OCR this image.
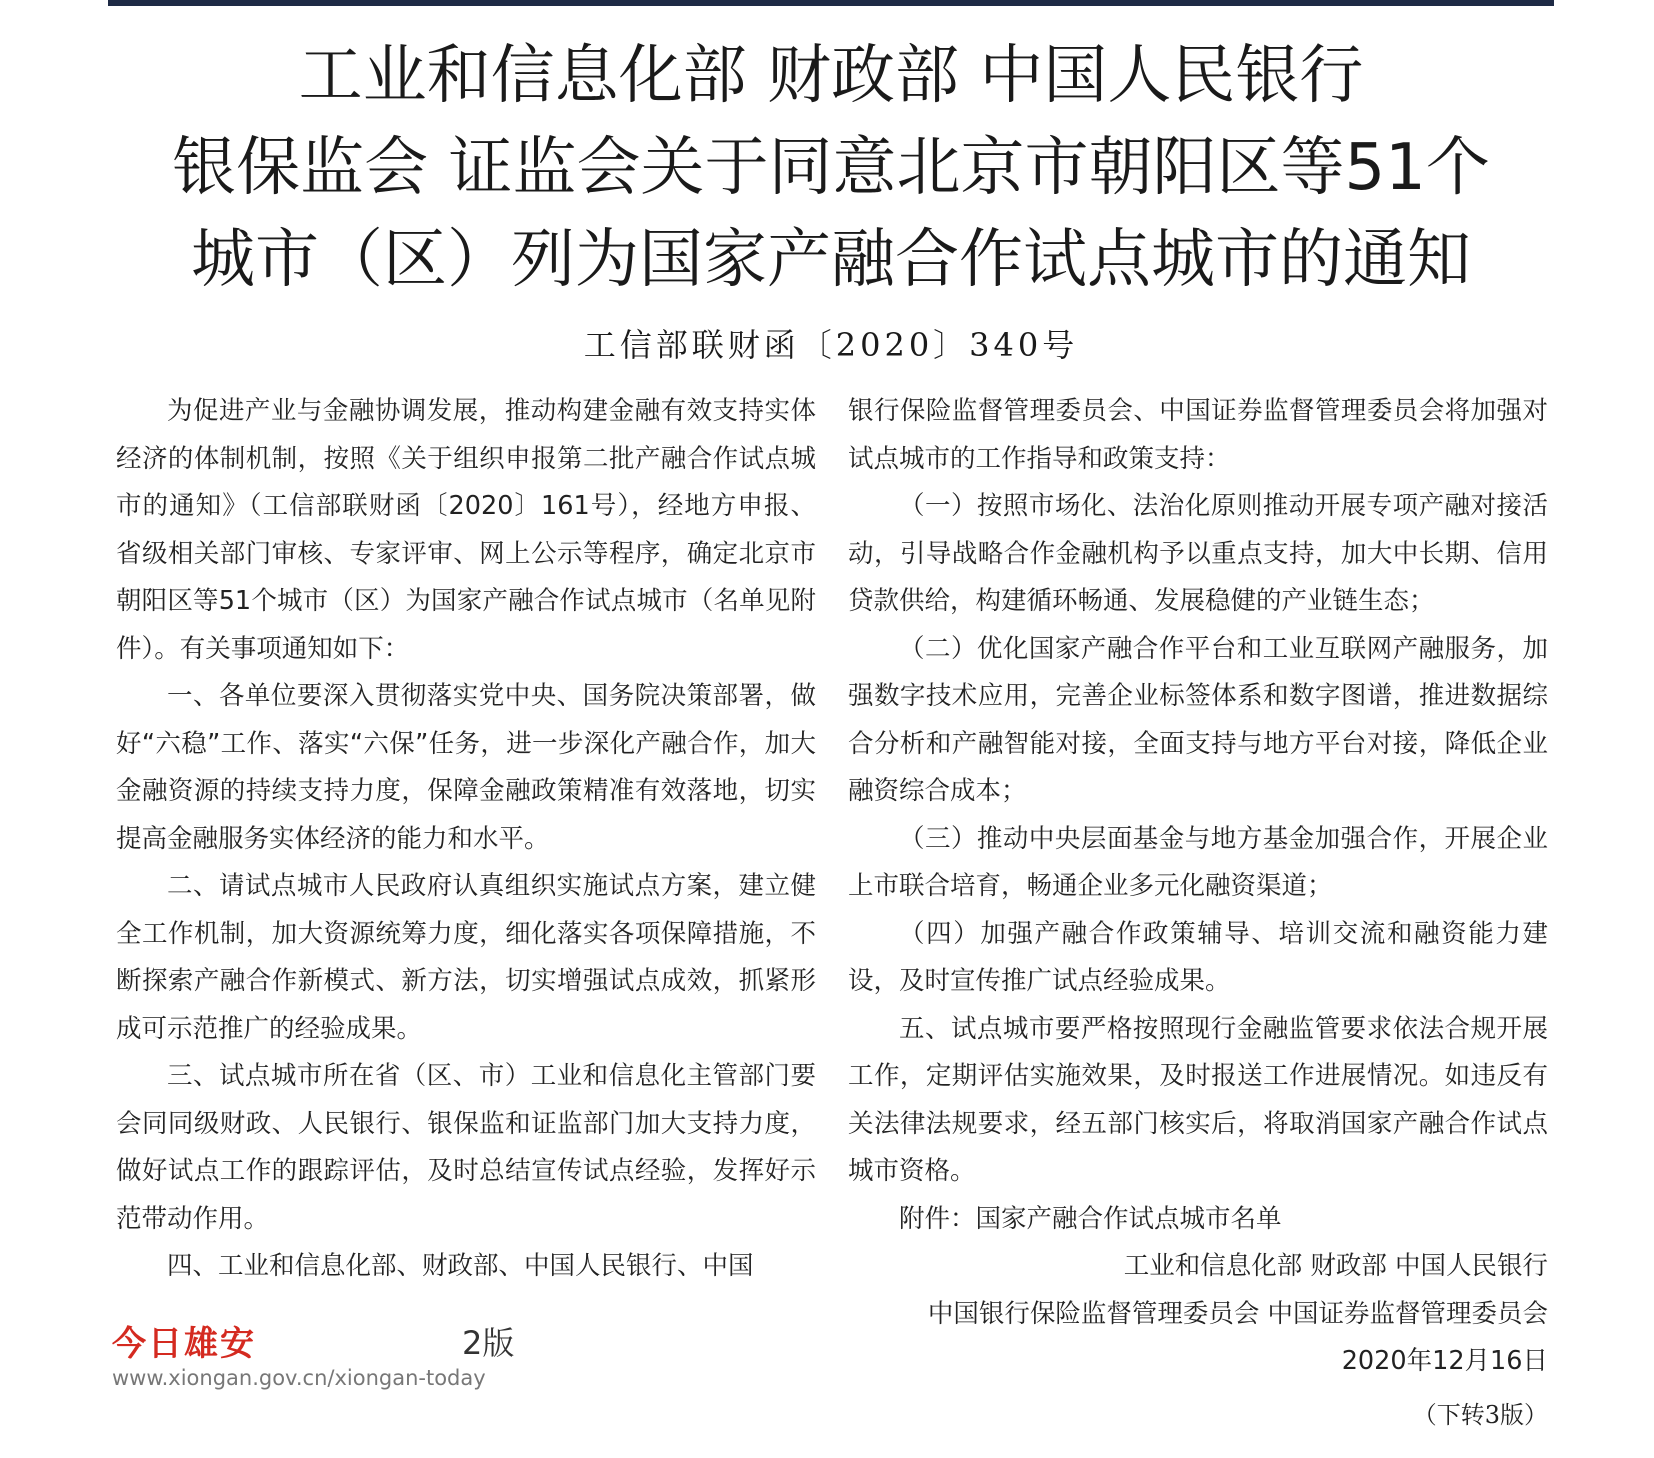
工业和信息化部 财政部 中国人民银行
银保监会 证监会关于同意北京市朝阳区等51个
城市（区）列为国家产融合作试点城市的通知
工信部联财函〔2020〕340号

为促进产业与金融协调发展，推动构建金融有效支持实体经济的体制机制，按照《关于组织申报第二批产融合作试点城市的通知》（工信部联财函〔2020〕161号），经地方申报、省级相关部门审核、专家评审、网上公示等程序，确定北京市朝阳区等51个城市（区）为国家产融合作试点城市（名单见附件）。有关事项通知如下：

一、各单位要深入贯彻落实党中央、国务院决策部署，做好“六稳”工作、落实“六保”任务，进一步深化产融合作，加大金融资源的持续支持力度，保障金融政策精准有效落地，切实提高金融服务实体经济的能力和水平。

二、请试点城市人民政府认真组织实施试点方案，建立健全工作机制，加大资源统筹力度，细化落实各项保障措施，不断探索产融合作新模式、新方法，切实增强试点成效，抓紧形成可示范推广的经验成果。

三、试点城市所在省（区、市）工业和信息化主管部门要会同同级财政、人民银行、银保监和证监部门加大支持力度，做好试点工作的跟踪评估，及时总结宣传试点经验，发挥好示范带动作用。

四、工业和信息化部、财政部、中国人民银行、中国

银行保险监督管理委员会、中国证券监督管理委员会将加强对试点城市的工作指导和政策支持：

（一）按照市场化、法治化原则推动开展专项产融对接活动，引导战略合作金融机构予以重点支持，加大中长期、信用贷款供给，构建循环畅通、发展稳健的产业链生态；

（二）优化国家产融合作平台和工业互联网产融服务，加强数字技术应用，完善企业标签体系和数字图谱，推进数据综合分析和产融智能对接，全面支持与地方平台对接，降低企业融资综合成本；

（三）推动中央层面基金与地方基金加强合作，开展企业上市联合培育，畅通企业多元化融资渠道；

（四）加强产融合作政策辅导、培训交流和融资能力建设，及时宣传推广试点经验成果。

五、试点城市要严格按照现行金融监管要求依法合规开展工作，定期评估实施效果，及时报送工作进展情况。如违反有关法律法规要求，经五部门核实后，将取消国家产融合作试点城市资格。

附件：国家产融合作试点城市名单

工业和信息化部 财政部 中国人民银行

中国银行保险监督管理委员会 中国证券监督管理委员会

2020年12月16日

（下转3版）
今日雄安	2版
www.xiongan.gov.cn/xiongan-today
